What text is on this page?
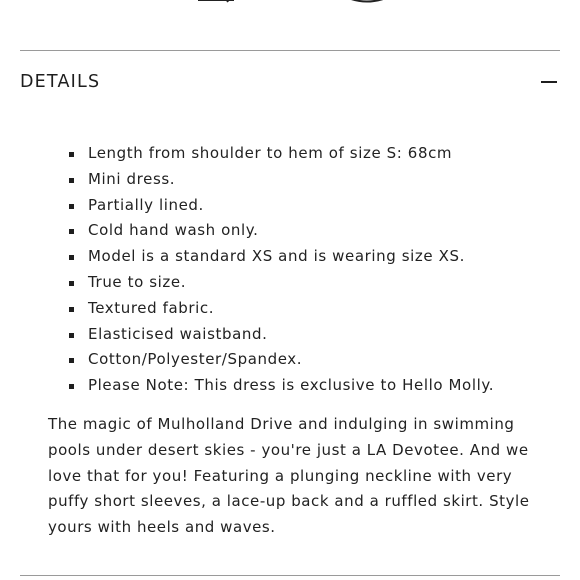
DETAILS
Length from shoulder to hem of size S: 68cm
Mini dress.
Partially lined.
Cold hand wash only.
Model is a standard XS and is wearing size XS.
True to size.
Textured fabric.
Elasticised waistband.
Cotton/Polyester/Spandex.
Please Note: This dress is exclusive to Hello Molly.

The magic of Mulholland Drive and indulging in swimming pools under desert skies - you're just a LA Devotee. And we love that for you! Featuring a plunging neckline with very puffy short sleeves, a lace-up back and a ruffled skirt. Style yours with heels and waves.
